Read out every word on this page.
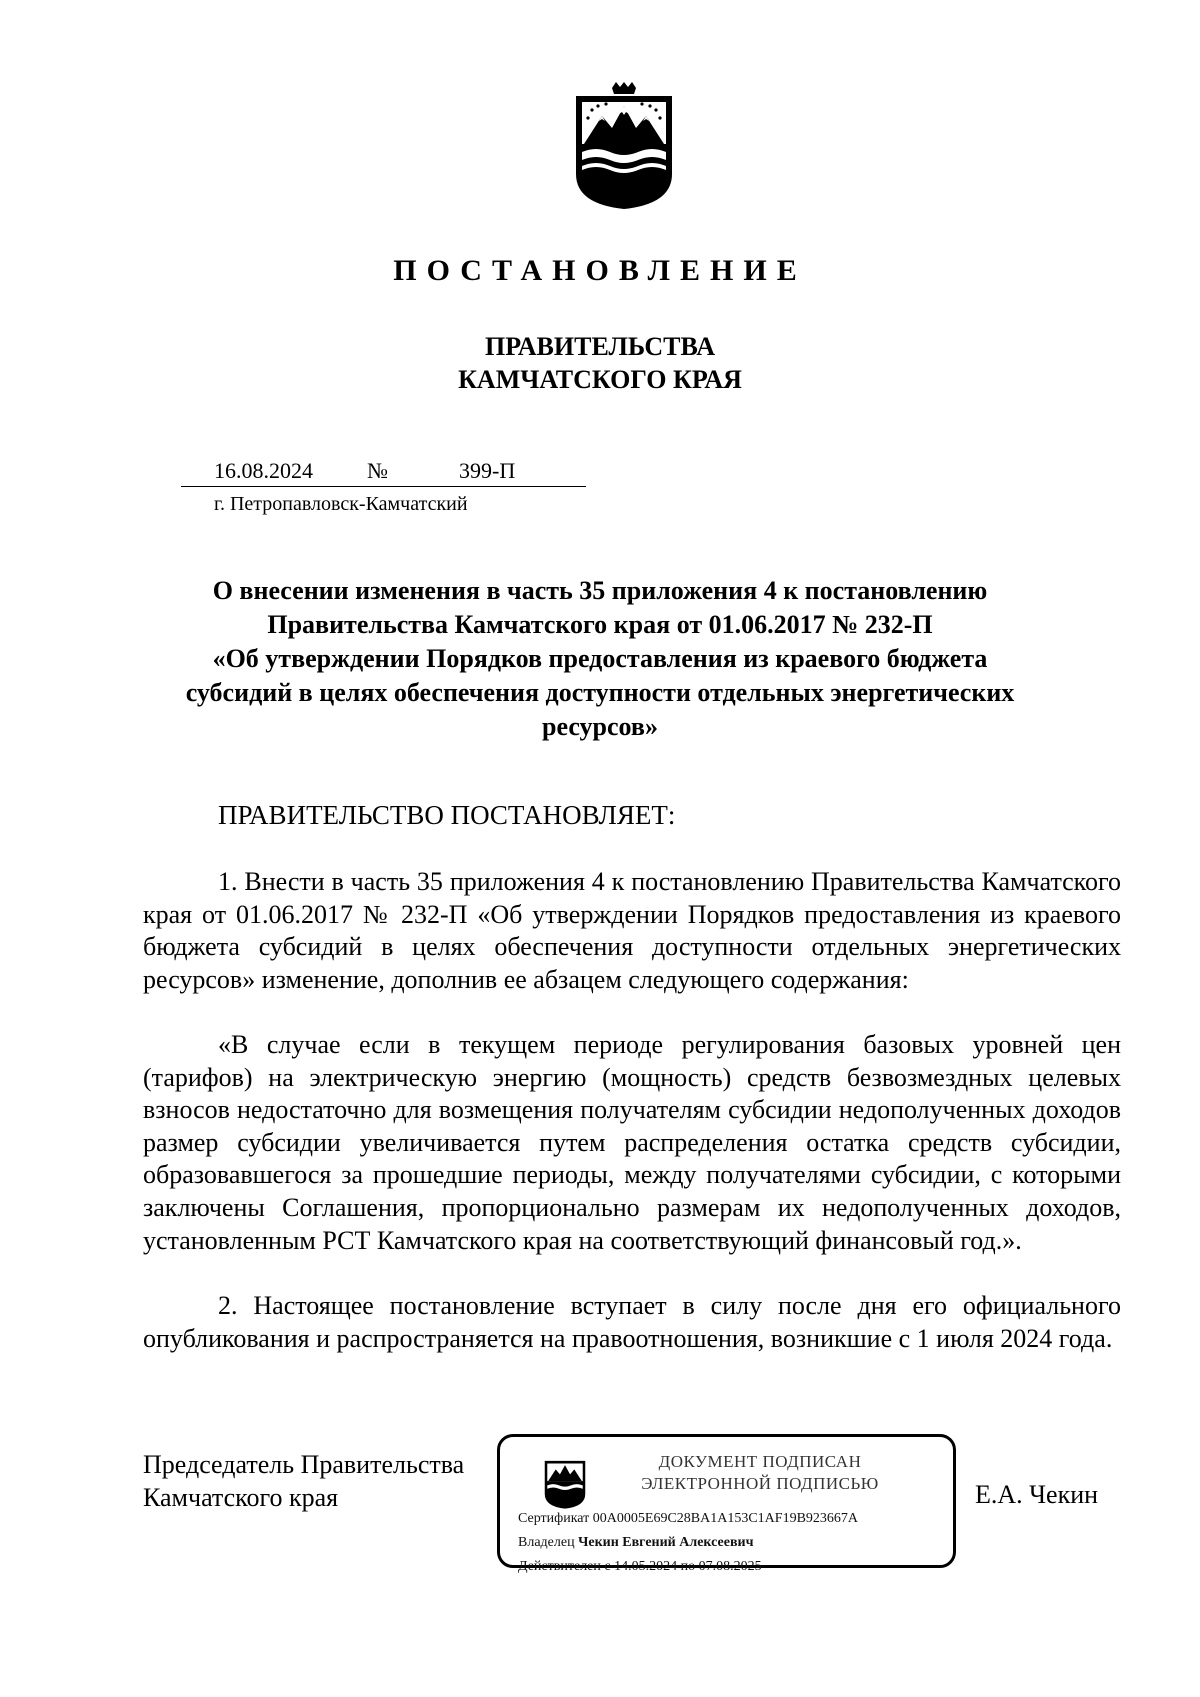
ПОСТАНОВЛЕНИЕ
ПРАВИТЕЛЬСТВА
КАМЧАТСКОГО КРАЯ
16.08.2024 №	399-П
г. Петропавловск-Камчатский
О внесении изменения в часть 35 приложения 4 к постановлению
Правительства Камчатского края от 01.06.2017 № 232-П
«Об утверждении Порядков предоставления из краевого бюджета
субсидий в целях обеспечения доступности отдельных энергетических
ресурсов»
ПРАВИТЕЛЬСТВО ПОСТАНОВЛЯЕТ:

1. Внести в часть 35 приложения 4 к постановлению Правительства Камчатского края от 01.06.2017 № 232-П «Об утверждении Порядков предоставления из краевого бюджета субсидий в целях обеспечения доступности отдельных энергетических ресурсов» изменение, дополнив ее абзацем следующего содержания:

«В случае если в текущем периоде регулирования базовых уровней цен (тарифов) на электрическую энергию (мощность) средств безвозмездных целевых взносов недостаточно для возмещения получателям субсидии недополученных доходов размер субсидии увеличивается путем распределения остатка средств субсидии, образовавшегося за прошедшие периоды, между получателями субсидии, с которыми заключены Соглашения, пропорционально размерам их недополученных доходов, установленным РСТ Камчатского края на соответствующий финансовый год.».

2. Настоящее постановление вступает в силу после дня его официального опубликования и распространяется на правоотношения, возникшие с 1 июля 2024 года.

Председатель Правительства
Камчатского края	Е.А. Чекин
ДОКУМЕНТ ПОДПИСАН
ЭЛЕКТРОННОЙ ПОДПИСЬЮ
Сертификат 00A0005E69C28BA1A153C1AF19B923667A
Владелец Чекин Евгений Алексеевич
Действителен с 14.05.2024 по 07.08.2025
